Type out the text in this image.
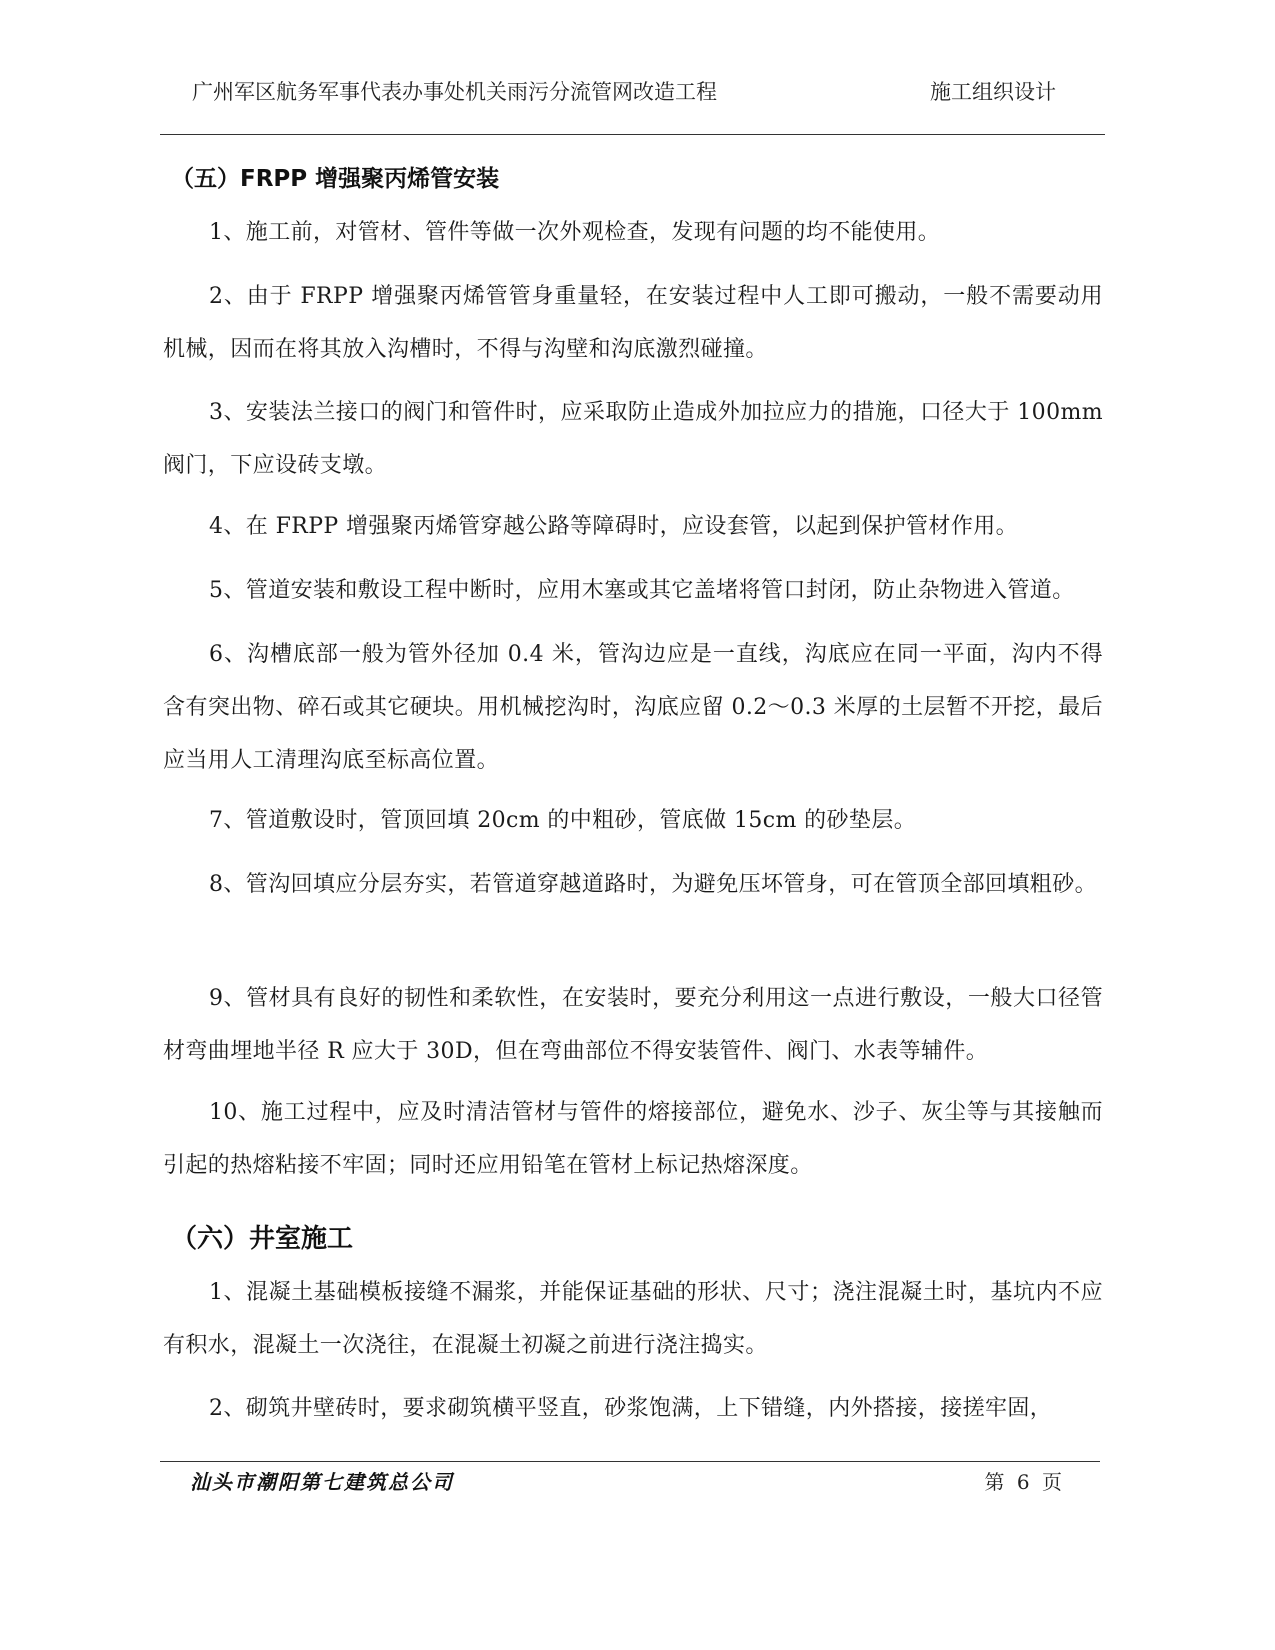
广州军区航务军事代表办事处机关雨污分流管网改造工程	施工组织设计
（五）FRPP 增强聚丙烯管安装

1、施工前，对管材、管件等做一次外观检查，发现有问题的均不能使用。

2、由于 FRPP 增强聚丙烯管管身重量轻，在安装过程中人工即可搬动，一般不需要动用机械，因而在将其放入沟槽时，不得与沟壁和沟底激烈碰撞。

3、安装法兰接口的阀门和管件时，应采取防止造成外加拉应力的措施，口径大于 100mm 阀门，下应设砖支墩。

4、在 FRPP 增强聚丙烯管穿越公路等障碍时，应设套管，以起到保护管材作用。

5、管道安装和敷设工程中断时，应用木塞或其它盖堵将管口封闭，防止杂物进入管道。

6、沟槽底部一般为管外径加 0.4 米，管沟边应是一直线，沟底应在同一平面，沟内不得含有突出物、碎石或其它硬块。用机械挖沟时，沟底应留 0.2～0.3 米厚的土层暂不开挖，最后应当用人工清理沟底至标高位置。

7、管道敷设时，管顶回填 20cm 的中粗砂，管底做 15cm 的砂垫层。

8、管沟回填应分层夯实，若管道穿越道路时，为避免压坏管身，可在管顶全部回填粗砂。

9、管材具有良好的韧性和柔软性，在安装时，要充分利用这一点进行敷设，一般大口径管材弯曲埋地半径 R 应大于 30D，但在弯曲部位不得安装管件、阀门、水表等辅件。

10、施工过程中，应及时清洁管材与管件的熔接部位，避免水、沙子、灰尘等与其接触而引起的热熔粘接不牢固；同时还应用铅笔在管材上标记热熔深度。

（六）井室施工

1、混凝土基础模板接缝不漏浆，并能保证基础的形状、尺寸；浇注混凝土时，基坑内不应有积水，混凝土一次浇往，在混凝土初凝之前进行浇注捣实。

2、砌筑井壁砖时，要求砌筑横平竖直，砂浆饱满，上下错缝，内外搭接，接搓牢固，

汕头市潮阳第七建筑总公司	第 6 页
